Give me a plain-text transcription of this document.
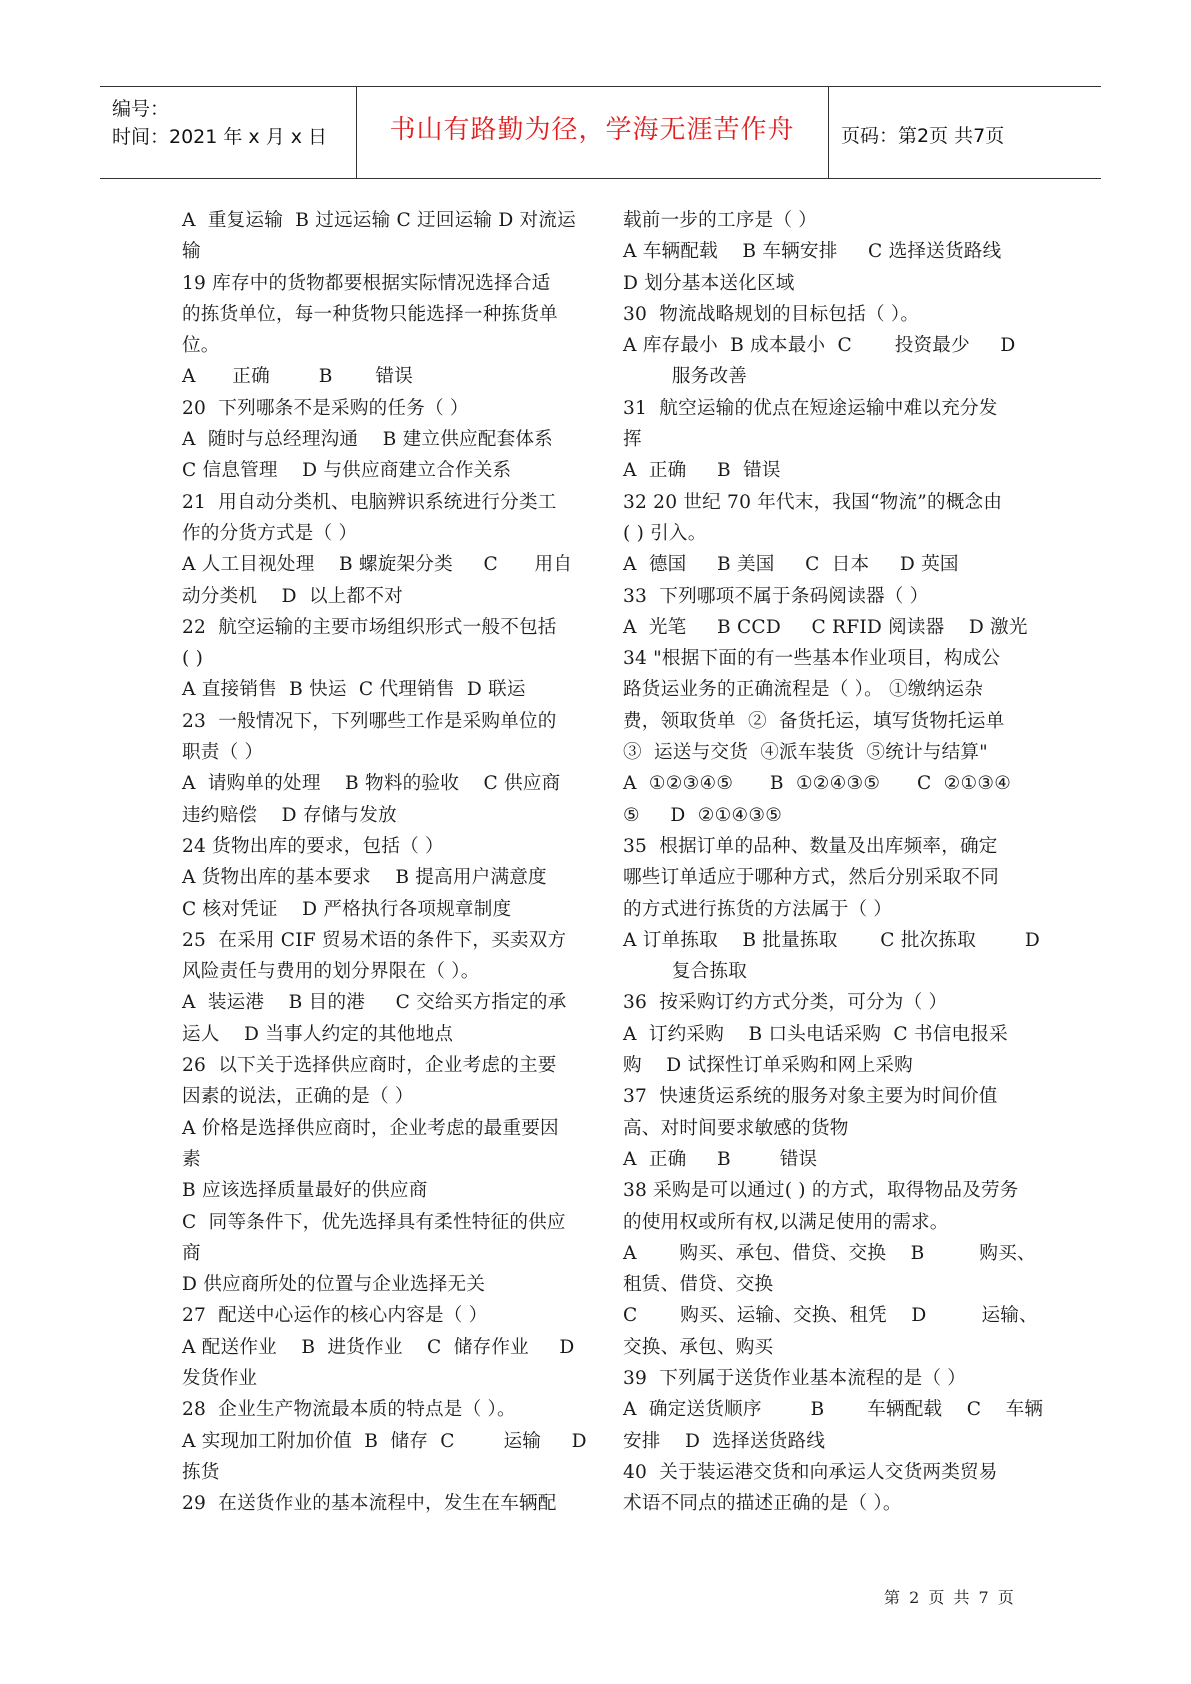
编号：
时间：2021 年 x 月 x 日	书山有路勤为径，学海无涯苦作舟	页码：第2页 共7页
A  重复运输  B 过远运输 C 迂回运输 D 对流运
输
19 库存中的货物都要根据实际情况选择合适
的拣货单位，每一种货物只能选择一种拣货单
位。
A      正确        B       错误
20  下列哪条不是采购的任务（ ）
A  随时与总经理沟通    B 建立供应配套体系
C 信息管理    D 与供应商建立合作关系
21  用自动分类机、电脑辨识系统进行分类工
作的分货方式是（ ）
A 人工目视处理    B 螺旋架分类     C      用自
动分类机    D  以上都不对
22  航空运输的主要市场组织形式一般不包括
( )
A 直接销售  B 快运  C 代理销售  D 联运
23  一般情况下，下列哪些工作是采购单位的
职责（ ）
A  请购单的处理    B 物料的验收    C 供应商
违约赔偿    D 存储与发放
24 货物出库的要求，包括（ ）
A 货物出库的基本要求    B 提高用户满意度
C 核对凭证    D 严格执行各项规章制度
25  在采用 CIF 贸易术语的条件下，买卖双方
风险责任与费用的划分界限在（ ）。
A  装运港    B 目的港     C 交给买方指定的承
运人    D 当事人约定的其他地点
26  以下关于选择供应商时，企业考虑的主要
因素的说法，正确的是（ ）
A 价格是选择供应商时，企业考虑的最重要因
素
B 应该选择质量最好的供应商
C  同等条件下，优先选择具有柔性特征的供应
商
D 供应商所处的位置与企业选择无关
27  配送中心运作的核心内容是（ ）
A 配送作业    B  进货作业    C  储存作业     D
发货作业
28  企业生产物流最本质的特点是（ ）。
A 实现加工附加价值  B  储存  C        运输     D
拣货
29  在送货作业的基本流程中，发生在车辆配
载前一步的工序是（ ）
A 车辆配载    B 车辆安排     C 选择送货路线
D 划分基本送化区域
30  物流战略规划的目标包括（ ）。
A 库存最小  B 成本最小  C       投资最少     D
服务改善
31  航空运输的优点在短途运输中难以充分发
挥
A  正确     B  错误
32 20 世纪 70 年代末，我国“物流”的概念由
( ) 引入。
A  德国     B 美国     C  日本     D 英国
33  下列哪项不属于条码阅读器（ ）
A  光笔     B CCD     C RFID 阅读器    D 激光
34 "根据下面的有一些基本作业项目，构成公
路货运业务的正确流程是（ ）。 ①缴纳运杂
费，领取货单  ②  备货托运，填写货物托运单
③  运送与交货  ④派车装货  ⑤统计与结算"
A  ①②③④⑤      B  ①②④③⑤      C  ②①③④
⑤     D  ②①④③⑤
35  根据订单的品种、数量及出库频率，确定
哪些订单适应于哪种方式，然后分别采取不同
的方式进行拣货的方法属于（ ）
A 订单拣取    B 批量拣取       C 批次拣取        D
复合拣取
36  按采购订约方式分类，可分为（ ）
A  订约采购    B 口头电话采购  C 书信电报采
购    D 试探性订单采购和网上采购
37  快速货运系统的服务对象主要为时间价值
高、对时间要求敏感的货物
A  正确     B        错误
38 采购是可以通过( ) 的方式，取得物品及劳务
的使用权或所有权,以满足使用的需求。
A       购买、承包、借贷、交换    B         购买、
租赁、借贷、交换
C       购买、运输、交换、租凭    D         运输、
交换、承包、购买
39  下列属于送货作业基本流程的是（ ）
A  确定送货顺序        B       车辆配载    C    车辆
安排    D  选择送货路线
40  关于装运港交货和向承运人交货两类贸易
术语不同点的描述正确的是（ ）。
第 2 页 共 7 页
